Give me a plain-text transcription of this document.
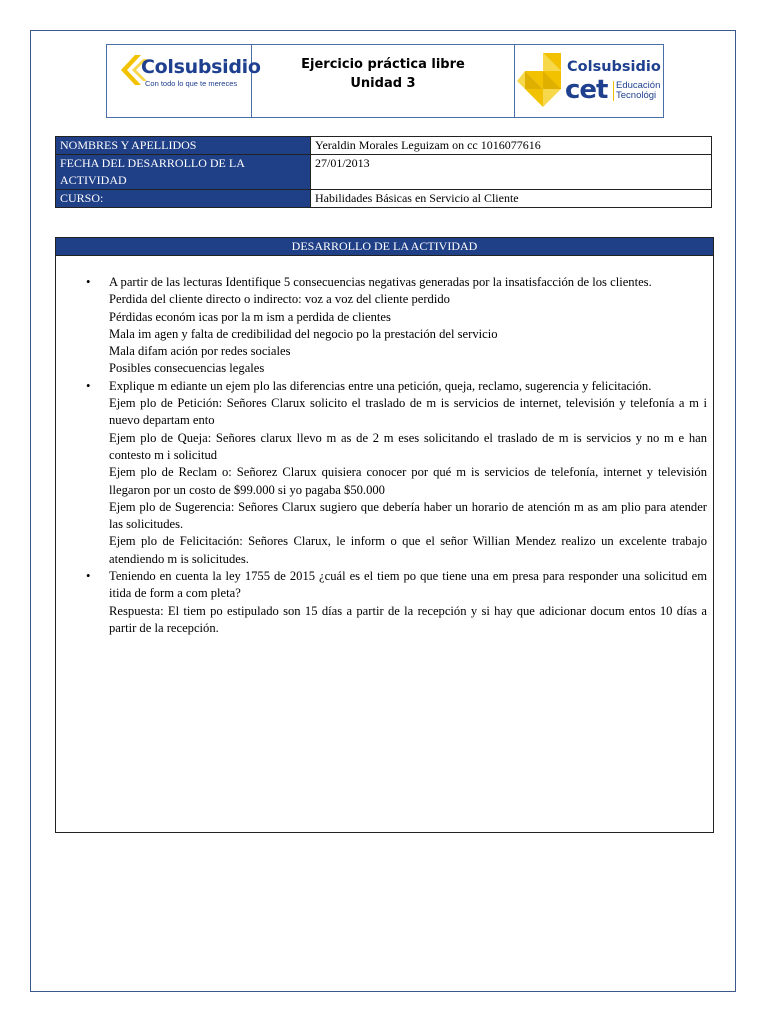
Colsubsidio
Con todo lo que te mereces
Ejercicio práctica libre
Unidad 3
Colsubsidio
cet Educación
Tecnológi
NOMBRES Y APELLIDOS	Yeraldin Morales Leguizam on cc 1016077616
FECHA DEL DESARROLLO DE LA ACTIVIDAD	27/01/2013
CURSO:	Habilidades Básicas en Servicio al Cliente
DESARROLLO DE LA ACTIVIDAD
•	A partir de las lecturas Identifique 5 consecuencias negativas generadas por la insatisfacción de los clientes.

Perdida del cliente directo o indirecto: voz a voz del cliente perdido

Pérdidas económ icas por la m ism a perdida de clientes

Mala im agen y falta de credibilidad del negocio po la prestación del servicio

Mala difam ación por redes sociales

Posibles consecuencias legales

•	Explique m ediante un ejem plo las diferencias entre una petición, queja, reclamo, sugerencia y felicitación.

Ejem plo de Petición: Señores Clarux solicito el traslado de m is servicios de internet, televisión y telefonía a m i nuevo departam ento

Ejem plo de Queja: Señores clarux llevo m as de 2 m eses solicitando el traslado de m is servicios y no m e han contesto m i solicitud

Ejem plo de Reclam o: Señorez Clarux quisiera conocer por qué m is servicios de telefonía, internet y televisión llegaron por un costo de $99.000 si yo pagaba $50.000

Ejem plo de Sugerencia: Señores Clarux sugiero que debería haber un horario de atención m as am plio para atender las solicitudes.

Ejem plo de Felicitación: Señores Clarux, le inform o que el señor Willian Mendez realizo un excelente trabajo atendiendo m is solicitudes.

•	Teniendo en cuenta la ley 1755 de 2015 ¿cuál es el tiem po que tiene una em presa para responder una solicitud em itida de form a com pleta?

Respuesta: El tiem po estipulado son 15 días a partir de la recepción y si hay que adicionar docum entos 10 días a partir de la recepción.
